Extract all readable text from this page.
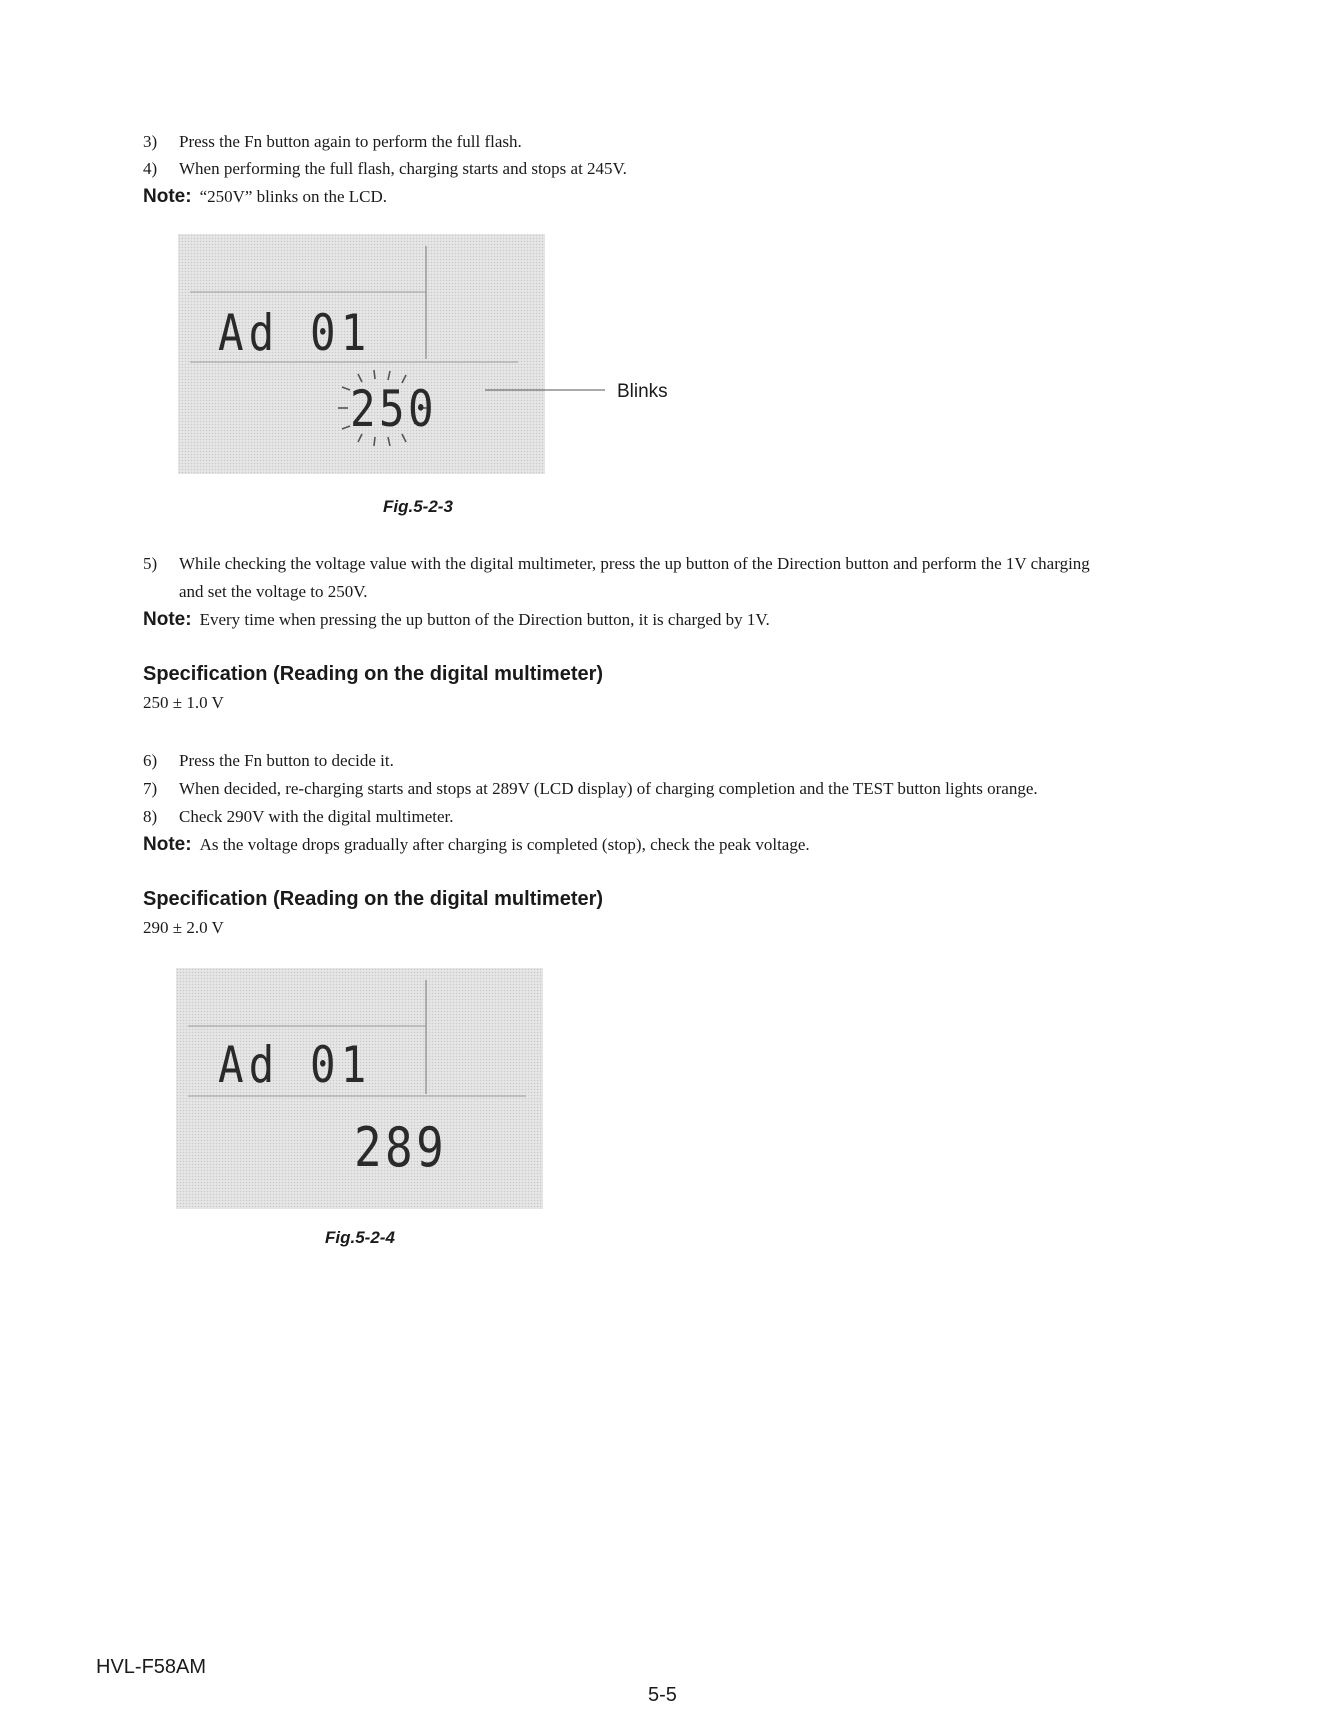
3) Press the Fn button again to perform the full flash.
4) When performing the full flash, charging starts and stops at 245V.
Note: “250V” blinks on the LCD.
Ad 01
250	Blinks
Fig.5-2-3
5) While checking the voltage value with the digital multimeter, press the up button of the Direction button and perform the 1V charging
and set the voltage to 250V.
Note: Every time when pressing the up button of the Direction button, it is charged by 1V.
Specification (Reading on the digital multimeter)
250 ± 1.0 V
6) Press the Fn button to decide it.
7) When decided, re-charging starts and stops at 289V (LCD display) of charging completion and the TEST button lights orange.
8) Check 290V with the digital multimeter.
Note: As the voltage drops gradually after charging is completed (stop), check the peak voltage.
Specification (Reading on the digital multimeter)
290 ± 2.0 V
Ad 01
289
Fig.5-2-4
HVL-F58AM
5-5
